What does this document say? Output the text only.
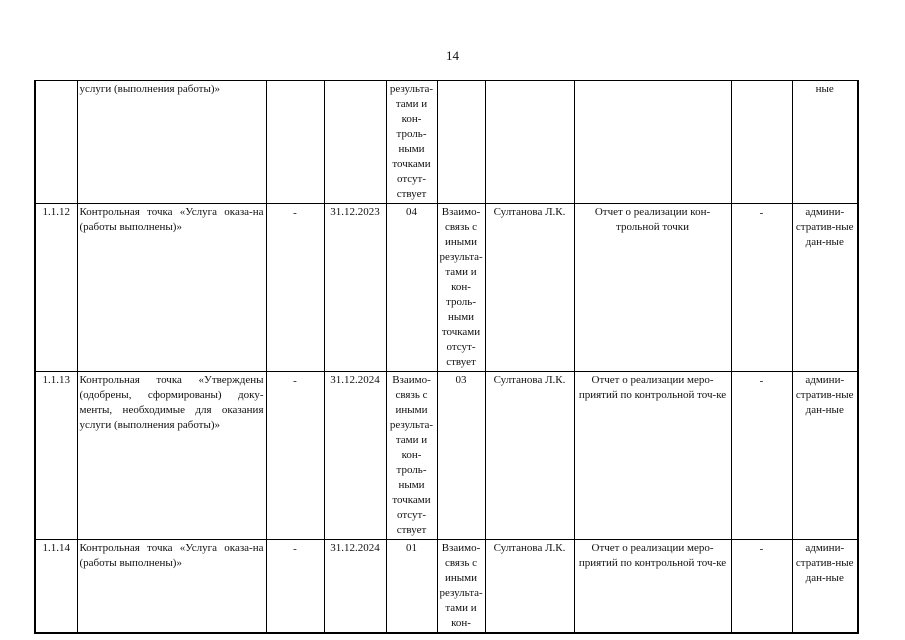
14
	услуги (выполнения работы)»			результа-тами и кон-троль-ными точками отсут-ствует					ные
1.1.12	Контрольная точка «Услуга оказа-на (работы выполнены)»	-	31.12.2023	04	Взаимо-связь с иными результа-тами и кон-троль-ными точками отсут-ствует	Султанова Л.К.	Отчет о реализации кон-трольной точки	-	админи-стратив-ные дан-ные
1.1.13	Контрольная точка «Утверждены (одобрены, сформированы) доку-менты, необходимые для оказания услуги (выполнения работы)»	-	31.12.2024	Взаимо-связь с иными результа-тами и кон-троль-ными точками отсут-ствует	03	Султанова Л.К.	Отчет о реализации меро-приятий по контрольной точ-ке	-	админи-стратив-ные дан-ные
1.1.14	Контрольная точка «Услуга оказа-на (работы выполнены)»	-	31.12.2024	01	Взаимо-связь с иными результа-тами и кон-	Султанова Л.К.	Отчет о реализации меро-приятий по контрольной точ-ке	-	админи-стратив-ные дан-ные
